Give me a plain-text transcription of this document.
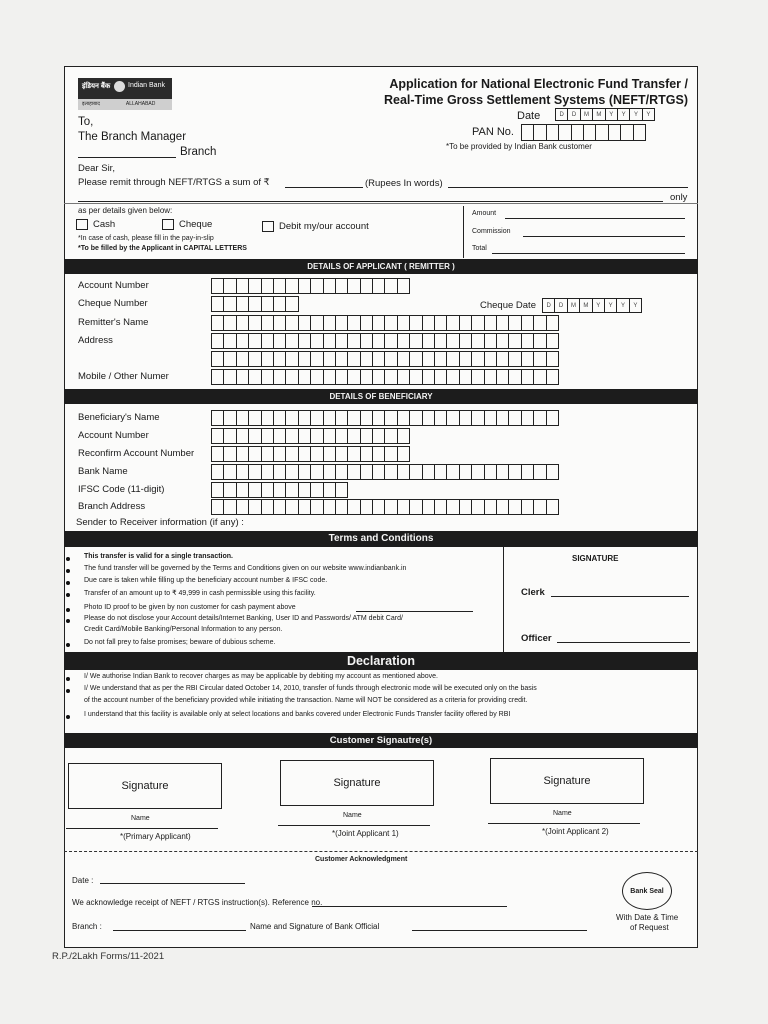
इंडियन बैंक	Indian Bank
इलाहाबाद	ALLAHABAD
Application for National Electronic Fund Transfer /
Real-Time Gross Settlement Systems (NEFT/RTGS)
Date	D	D	M	M	Y	Y	Y	Y
PAN No.
*To be provided by Indian Bank customer
To,
The Branch Manager
Branch
Dear Sir,
Please remit through NEFT/RTGS a sum of ₹	(Rupees In words)
only
as per details given below:
Cash	Cheque	Debit my/our account
*In case of cash, please fill in the pay-in-slip
*To be filled by the Applicant in CAPITAL LETTERS
Amount
Commission
Total
DETAILS OF APPLICANT ( REMITTER )
Account Number
Cheque Number
Remitter's Name
Address
Mobile / Other Numer
Cheque Date	D	D	M	M	Y	Y	Y	Y
DETAILS OF BENEFICIARY
Beneficiary's Name
Account Number
Reconfirm Account Number
Bank Name
IFSC Code (11-digit)
Branch Address
Sender to Receiver information (if any) :
Terms and Conditions
This transfer is valid for a single transaction.
The fund transfer will be governed by the Terms and Conditions given on our website www.indianbank.in
Due care is taken while filling up the beneficiary account number & IFSC code.
Transfer of an amount up to ₹ 49,999 in cash permissible using this facility.
Photo ID proof to be given by non customer for cash payment above
Please do not disclose your Account details/Internet Banking, User ID and Passwords/ ATM debit Card/
Credit Card/Mobile Banking/Personal Information to any person.
Do not fall prey to false promises; beware of dubious scheme.
SIGNATURE
Clerk
Officer
Declaration
I/ We authorise Indian Bank to recover charges as may be applicable by debiting my account as mentioned above.
I/ We understand that as per the RBI Circular dated October 14, 2010, transfer of funds through electronic mode will be executed only on the basis
of the account number of the beneficiary provided while initiating the transaction. Name will NOT be considered as a criteria for providing credit.
I understand that this facility is available only at select locations and banks covered under Electronic Funds Transfer facility offered by RBI
Customer Signautre(s)
Signature
Name
*(Primary Applicant)
Signature
Name
*(Joint Applicant 1)
Signature
Name
*(Joint Applicant 2)
Customer Acknowledgment
Date :
We acknowledge receipt of NEFT / RTGS instruction(s). Reference no.
Branch :	Name and Signature of Bank Official
Bank Seal
With Date & Time
of Request
R.P./2Lakh Forms/11-2021
